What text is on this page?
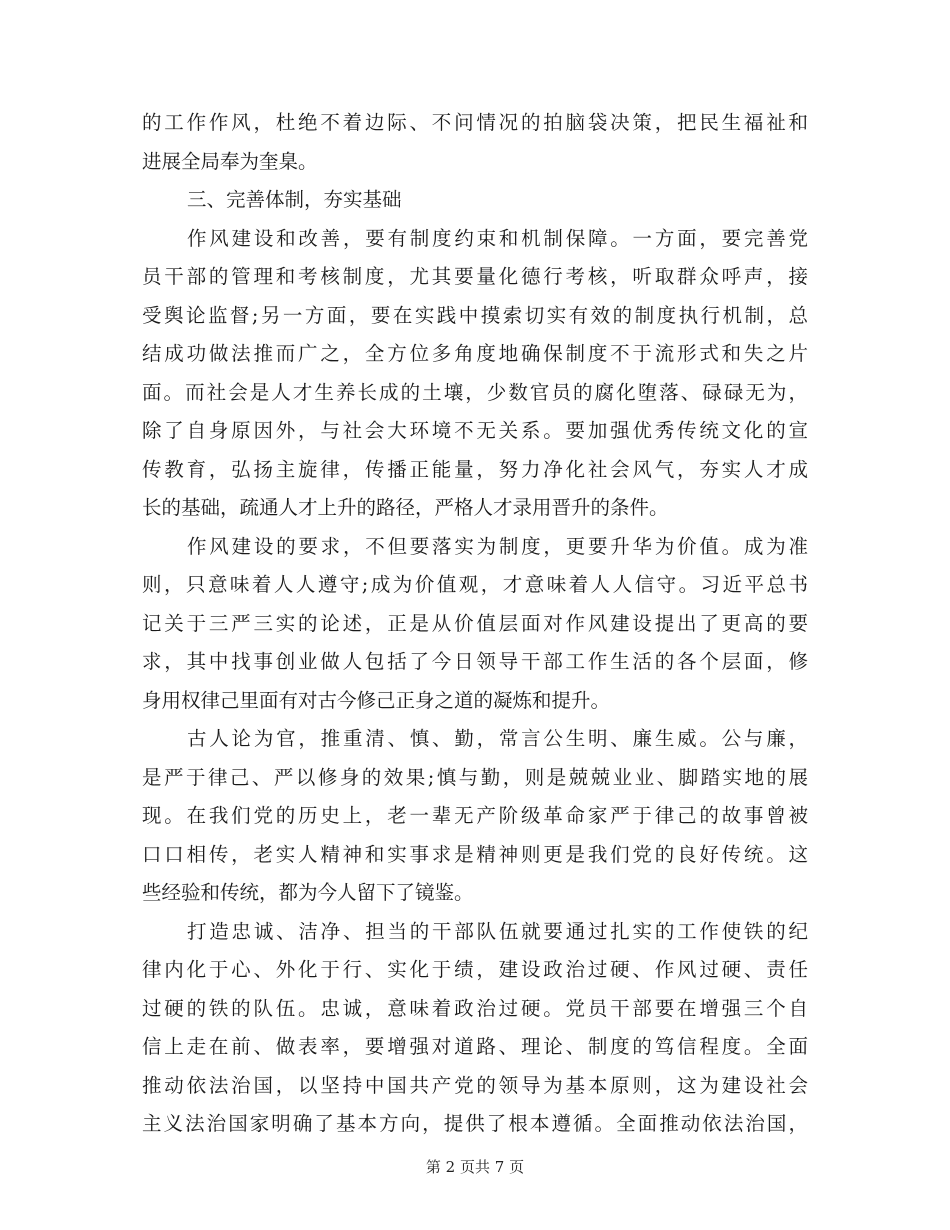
的工作作风，杜绝不着边际、不问情况的拍脑袋决策，把民生福祉和
进展全局奉为奎臬。
三、完善体制，夯实基础
作风建设和改善，要有制度约束和机制保障。一方面，要完善党
员干部的管理和考核制度，尤其要量化德行考核，听取群众呼声，接
受舆论监督;另一方面，要在实践中摸索切实有效的制度执行机制，总
结成功做法推而广之，全方位多角度地确保制度不于流形式和失之片
面。而社会是人才生养长成的土壤，少数官员的腐化堕落、碌碌无为，
除了自身原因外，与社会大环境不无关系。要加强优秀传统文化的宣
传教育，弘扬主旋律，传播正能量，努力净化社会风气，夯实人才成
长的基础，疏通人才上升的路径，严格人才录用晋升的条件。
作风建设的要求，不但要落实为制度，更要升华为价值。成为准
则，只意味着人人遵守;成为价值观，才意味着人人信守。习近平总书
记关于三严三实的论述，正是从价值层面对作风建设提出了更高的要
求，其中找事创业做人包括了今日领导干部工作生活的各个层面，修
身用权律己里面有对古今修己正身之道的凝炼和提升。
古人论为官，推重清、慎、勤，常言公生明、廉生威。公与廉，
是严于律己、严以修身的效果;慎与勤，则是兢兢业业、脚踏实地的展
现。在我们党的历史上，老一辈无产阶级革命家严于律己的故事曾被
口口相传，老实人精神和实事求是精神则更是我们党的良好传统。这
些经验和传统，都为今人留下了镜鉴。
打造忠诚、洁净、担当的干部队伍就要通过扎实的工作使铁的纪
律内化于心、外化于行、实化于绩，建设政治过硬、作风过硬、责任
过硬的铁的队伍。忠诚，意味着政治过硬。党员干部要在增强三个自
信上走在前、做表率，要增强对道路、理论、制度的笃信程度。全面
推动依法治国，以坚持中国共产党的领导为基本原则，这为建设社会
主义法治国家明确了基本方向，提供了根本遵循。全面推动依法治国，
第 2 页共 7 页
